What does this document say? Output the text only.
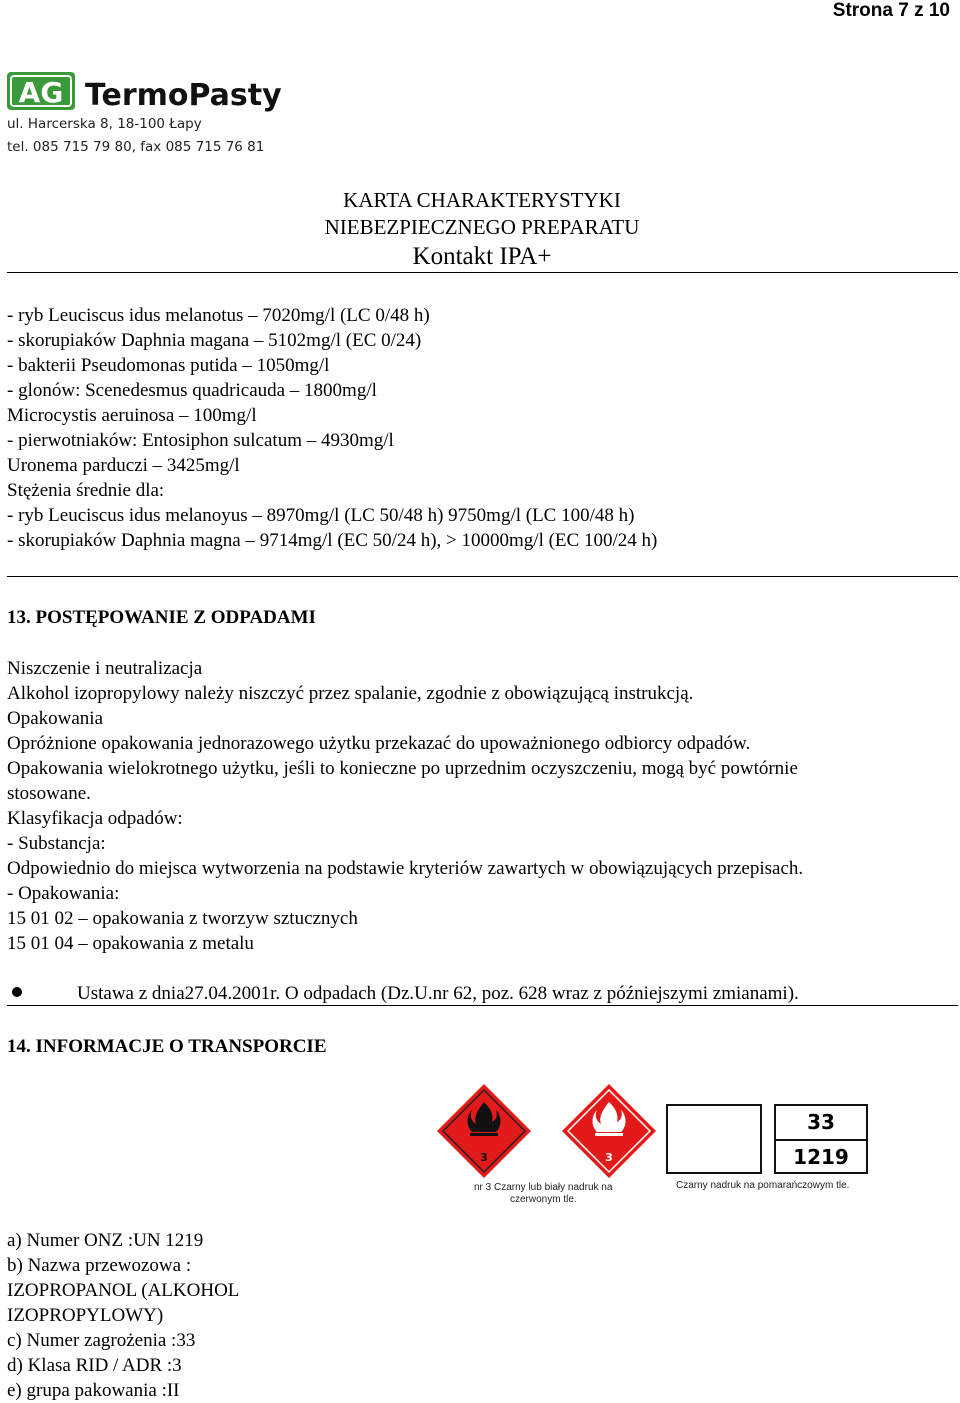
Strona 7 z 10
AG TermoPasty
ul. Harcerska 8, 18-100 Łapy
tel. 085 715 79 80, fax 085 715 76 81
KARTA CHARAKTERYSTYKI
NIEBEZPIECZNEGO PREPARATU
Kontakt IPA+
- ryb Leuciscus idus melanotus – 7020mg/l (LC 0/48 h)
- skorupiaków Daphnia magana – 5102mg/l (EC 0/24)
- bakterii Pseudomonas putida – 1050mg/l
- glonów: Scenedesmus quadricauda – 1800mg/l
Microcystis aeruinosa – 100mg/l
- pierwotniaków: Entosiphon sulcatum – 4930mg/l
Uronema parduczi – 3425mg/l
Stężenia średnie dla:
- ryb Leuciscus idus melanoyus – 8970mg/l (LC 50/48 h) 9750mg/l (LC 100/48 h)
- skorupiaków Daphnia magna – 9714mg/l (EC 50/24 h), > 10000mg/l (EC 100/24 h)
13. POSTĘPOWANIE Z ODPADAMI
Niszczenie i neutralizacja
Alkohol izopropylowy należy niszczyć przez spalanie, zgodnie z obowiązującą instrukcją.
Opakowania
Opróżnione opakowania jednorazowego użytku przekazać do upoważnionego odbiorcy odpadów.
Opakowania wielokrotnego użytku, jeśli to konieczne po uprzednim oczyszczeniu, mogą być powtórnie
stosowane.
Klasyfikacja odpadów:
- Substancja:
Odpowiednio do miejsca wytworzenia na podstawie kryteriów zawartych w obowiązujących przepisach.
- Opakowania:
15 01 02 – opakowania z tworzyw sztucznych
15 01 04 – opakowania z metalu
Ustawa z dnia27.04.2001r. O odpadach (Dz.U.nr 62, poz. 628 wraz z późniejszymi zmianami).
14. INFORMACJE O TRANSPORCIE
3	3
nr 3 Czarny lub biały nadruk na
czerwonym tle.
33
1219
Czarny nadruk na pomarańczowym tle.
a) Numer ONZ :UN 1219
b) Nazwa przewozowa :
IZOPROPANOL (ALKOHOL
IZOPROPYLOWY)
c) Numer zagrożenia :33
d) Klasa RID / ADR :3
e) grupa pakowania :II
